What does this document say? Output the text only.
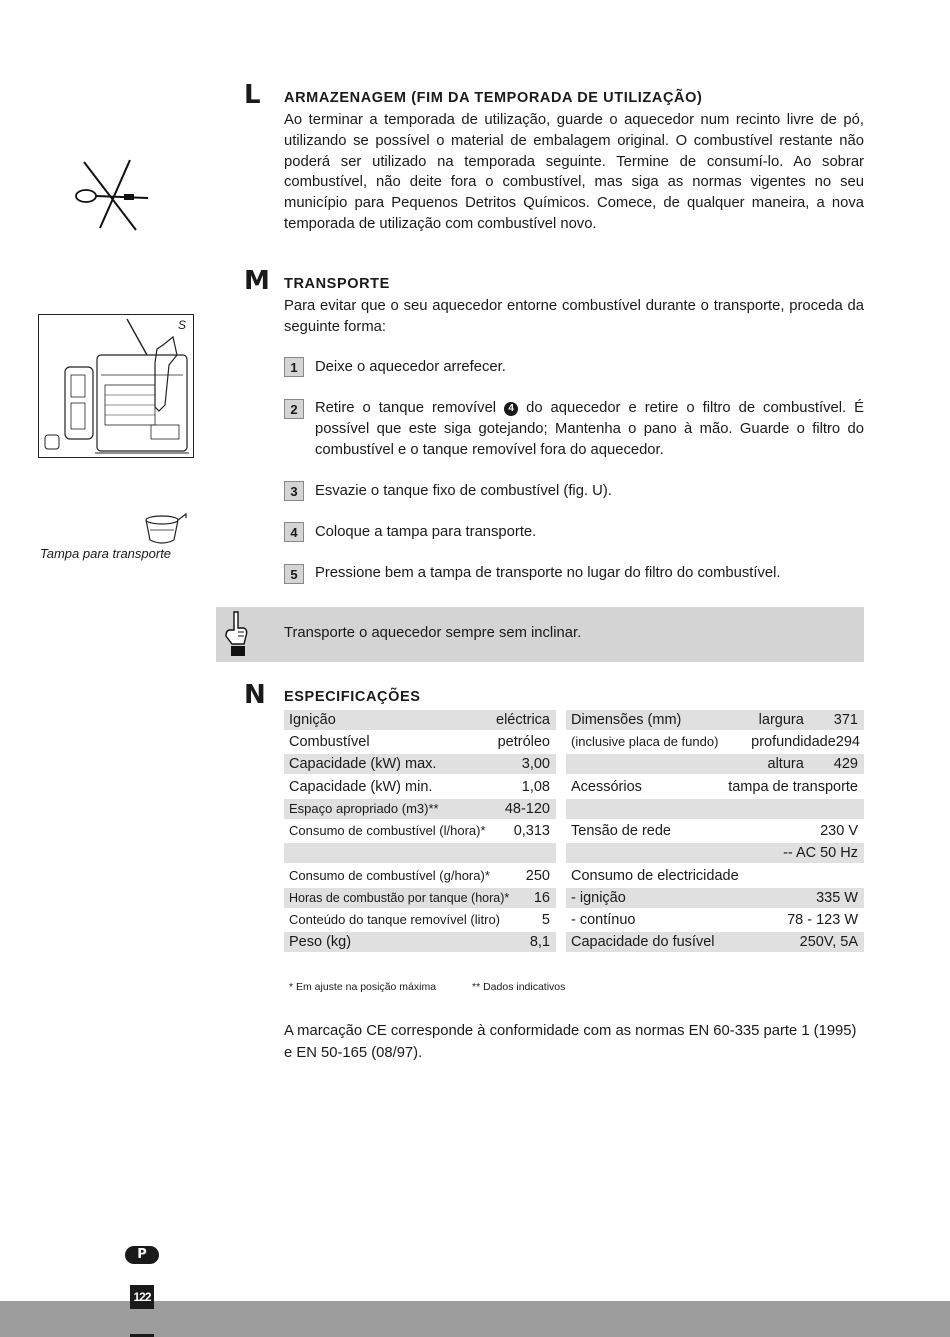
L ARMAZENAGEM (FIM DA TEMPORADA DE UTILIZAÇÃO)
Ao terminar a temporada de utilização, guarde o aquecedor num recinto livre de pó, utilizando se possível o material de embalagem original. O combustível restante não poderá ser utilizado na temporada seguinte. Termine de consumí-lo. Ao sobrar combustível, não deite fora o combustível, mas siga as normas vigentes no seu município para Pequenos Detritos Químicos. Comece, de qualquer maneira, a nova temporada de utilização com combustível novo.
M TRANSPORTE
Para evitar que o seu aquecedor entorne combustível durante o transporte, proceda da seguinte forma:
S
Tampa para transporte
1	Deixe o aquecedor arrefecer.
2	Retire o tanque removível 4 do aquecedor e retire o filtro de combustível. É possível que este siga gotejando; Mantenha o pano à mão. Guarde o filtro do combustível e o tanque removível fora do aquecedor.
3	Esvazie o tanque fixo de combustível (fig. U).
4	Coloque a tampa para transporte.
5	Pressione bem a tampa de transporte no lugar do filtro do combustível.
Transporte o aquecedor sempre sem inclinar.
N ESPECIFICAÇÕES
Ignição	eléctrica
Combustível	petróleo
Capacidade (kW) max.	3,00
Capacidade (kW) min.	1,08
Espaço apropriado (m3)**	48-120
Consumo de combustível (l/hora)* 0,313
Consumo de combustível (g/hora)* 250
Horas de combustão por tanque (hora)* 16
Conteúdo do tanque removível (litro)	5
Peso (kg)	8,1
Dimensões (mm)	largura 371
(inclusive placa de fundo) profundidade 294
altura 429
Acessórios	tampa de transporte
Tensão de rede	230 V
-- AC 50 Hz
Consumo de electricidade
- ignição	335 W
- contínuo	78 - 123 W
Capacidade do fusível	250V, 5A
* Em ajuste na posição máxima	** Dados indicativos
A marcação CE corresponde à conformidade com as normas EN 60-335 parte 1 (1995) e EN 50-165 (08/97).
P
122
